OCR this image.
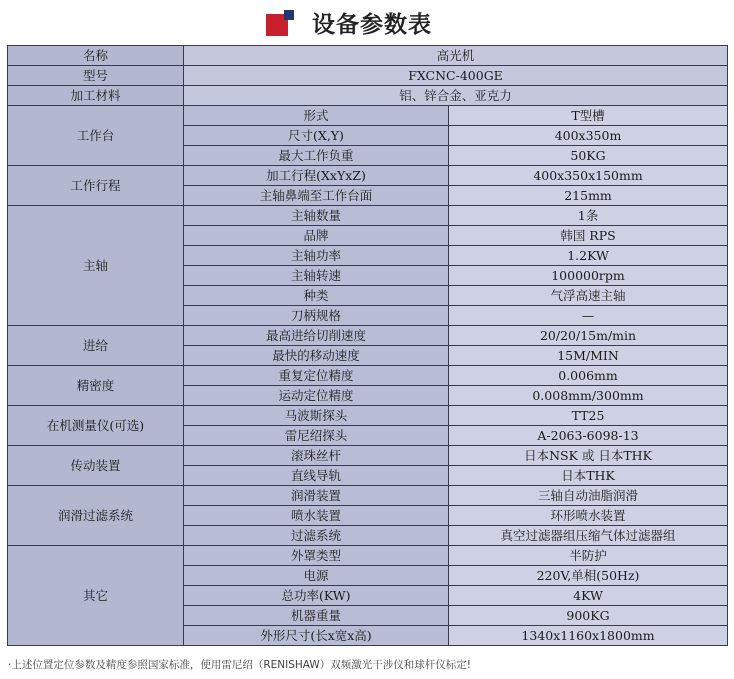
设备参数表
名称	高光机	
型号	FXCNC-400GE	
加工材料	铝、锌合金、亚克力	
工作台	形式	T型槽
	尺寸(X,Y)	400x350m
	最大工作负重	50KG
工作行程	加工行程(XxYxZ)	400x350x150mm
	主轴鼻端至工作台面	215mm
主轴	主轴数量	1条
	品牌	韩国 RPS
	主轴功率	1.2KW
	主轴转速	100000rpm
	种类	气浮高速主轴
	刀柄规格	—
进给	最高进给切削速度	20/20/15m/min
	最快的移动速度	15M/MIN
精密度	重复定位精度	0.006mm
	运动定位精度	0.008mm/300mm
在机测量仪(可选)	马波斯探头	TT25
	雷尼绍探头	A-2063-6098-13
传动装置	滚珠丝杆	日本NSK 或 日本THK
	直线导轨	日本THK
润滑过滤系统	润滑装置	三轴自动油脂润滑
	喷水装置	环形喷水装置
	过滤系统	真空过滤器组压缩气体过滤器组
其它	外罩类型	半防护
	电源	220V,单相(50Hz)
	总功率(KW)	4KW
	机器重量	900KG
	外形尺寸(长x宽x高)	1340x1160x1800mm
·上述位置定位参数及精度参照国家标准，使用雷尼绍（RENISHAW）双频激光干涉仪和球杆仪标定!
